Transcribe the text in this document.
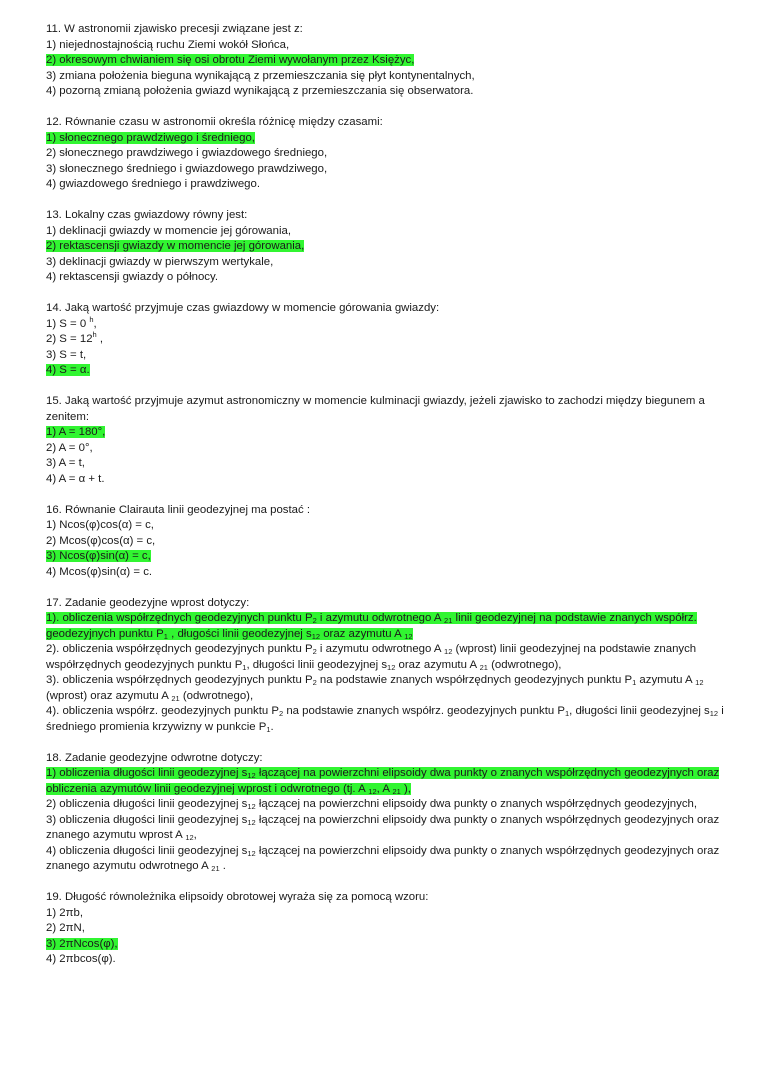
11. W astronomii zjawisko precesji związane jest z:
1) niejednostajnością ruchu Ziemi wokół Słońca,
2) okresowym chwianiem się osi obrotu Ziemi wywołanym przez Księżyc,
3) zmiana położenia bieguna wynikającą z przemieszczania się płyt kontynentalnych,
4) pozorną zmianą położenia gwiazd wynikającą z przemieszczania się obserwatora.
12. Równanie czasu w astronomii określa różnicę między czasami:
1) słonecznego prawdziwego i średniego,
2) słonecznego prawdziwego i gwiazdowego średniego,
3) słonecznego średniego i gwiazdowego prawdziwego,
4) gwiazdowego średniego i prawdziwego.
13. Lokalny czas gwiazdowy równy jest:
1) deklinacji gwiazdy w momencie jej górowania,
2) rektascensji gwiazdy w momencie jej górowania,
3) deklinacji gwiazdy w pierwszym wertykale,
4) rektascensji gwiazdy o północy.
14. Jaką wartość przyjmuje czas gwiazdowy w momencie górowania gwiazdy:
1) S = 0 $^h$,
2) $S = 12^h$ ,
3) S = t,
4) S = α.
15. Jaką wartość przyjmuje azymut astronomiczny w momencie kulminacji gwiazdy, jeżeli zjawisko to zachodzi między biegunem a zenitem:
1) A = 180°,
2) A = 0°,
3) A = t,
4) A = α + t.
16. Równanie Clairauta linii geodezyjnej ma postać :
1) Ncos(φ)cos(α) = c,
2) Mcos(φ)cos(α) = c,
3) Ncos(φ)sin(α) = c,
4) Mcos(φ)sin(α) = c.
17. Zadanie geodezyjne wprost dotyczy:
1). obliczenia współrzędnych geodezyjnych punktu $P_2$ i azymutu odwrotnego A $_{21}$ linii geodezyjnej na podstawie znanych współrz. geodezyjnych punktu $P_1$ , długości linii geodezyjnej $s_{12}$ oraz azymutu A $_{12}$
2). obliczenia współrzędnych geodezyjnych punktu $P_2$ i azymutu odwrotnego A $_{12}$ (wprost) linii geodezyjnej na podstawie znanych współrzędnych geodezyjnych punktu $P_1$, długości linii geodezyjnej $s_{12}$ oraz azymutu A $_{21}$ (odwrotnego),
3). obliczenia współrzędnych geodezyjnych punktu $P_2$ na podstawie znanych współrzędnych geodezyjnych punktu $P_1$ azymutu A $_{12}$ (wprost) oraz azymutu A $_{21}$ (odwrotnego),
4). obliczenia współrz. geodezyjnych punktu $P_2$ na podstawie znanych współrz. geodezyjnych punktu $P_1$, długości linii geodezyjnej $s_{12}$ i średniego promienia krzywizny w punkcie $P_1$.
18. Zadanie geodezyjne odwrotne dotyczy:
1) obliczenia długości linii geodezyjnej $s_{12}$ łączącej na powierzchni elipsoidy dwa punkty o znanych współrzędnych geodezyjnych oraz obliczenia azymutów linii geodezyjnej wprost i odwrotnego (tj. A $_{12}$, A $_{21}$ ),
2) obliczenia długości linii geodezyjnej $s_{12}$ łączącej na powierzchni elipsoidy dwa punkty o znanych współrzędnych geodezyjnych,
3) obliczenia długości linii geodezyjnej $s_{12}$ łączącej na powierzchni elipsoidy dwa punkty o znanych współrzędnych geodezyjnych oraz znanego azymutu wprost A $_{12}$,
4) obliczenia długości linii geodezyjnej $s_{12}$ łączącej na powierzchni elipsoidy dwa punkty o znanych współrzędnych geodezyjnych oraz znanego azymutu odwrotnego A $_{21}$ .
19. Długość równoleżnika elipsoidy obrotowej wyraża się za pomocą wzoru:
1) 2πb,
2) 2πN,
3) 2πNcos(φ),
4) 2πbcos(φ).
